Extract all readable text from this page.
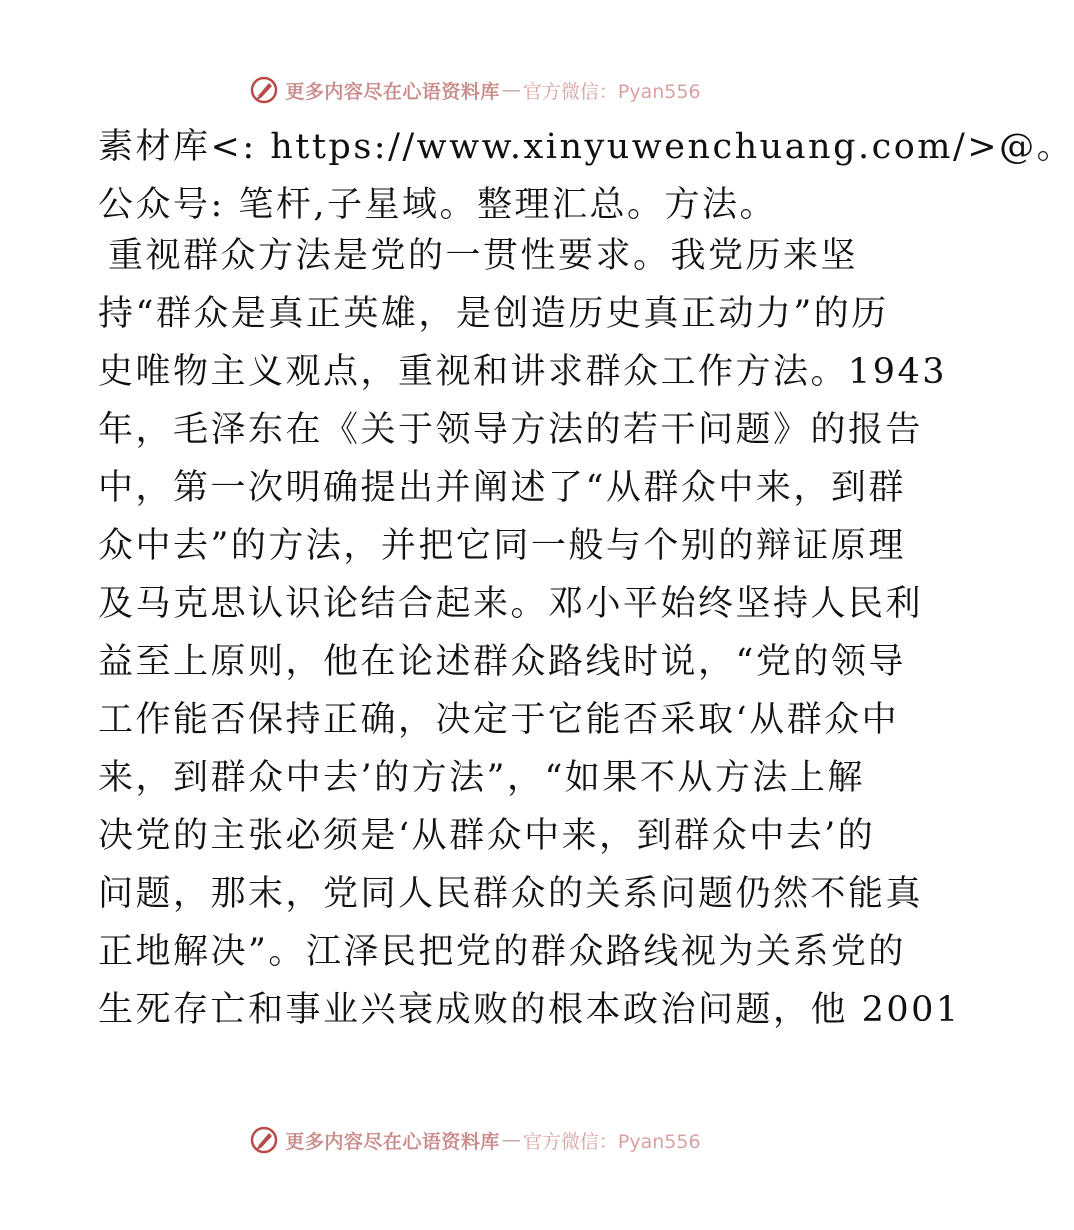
更多内容尽在心语资料库 — 官方微信：Pyan556
素材库<: https://www.xinyuwenchuang.com/>@。
公众号: 笔杆,子星域。整理汇总。方法。
重视群众方法是党的一贯性要求。我党历来坚
持“群众是真正英雄，是创造历史真正动力”的历
史唯物主义观点，重视和讲求群众工作方法。1943
年，毛泽东在《关于领导方法的若干问题》的报告
中，第一次明确提出并阐述了“从群众中来，到群
众中去”的方法，并把它同一般与个别的辩证原理
及马克思认识论结合起来。邓小平始终坚持人民利
益至上原则，他在论述群众路线时说，“党的领导
工作能否保持正确，决定于它能否采取‘从群众中
来，到群众中去’的方法”，“如果不从方法上解
决党的主张必须是‘从群众中来，到群众中去’的
问题，那末，党同人民群众的关系问题仍然不能真
正地解决”。江泽民把党的群众路线视为关系党的
生死存亡和事业兴衰成败的根本政治问题，他 2001
更多内容尽在心语资料库 — 官方微信：Pyan556
